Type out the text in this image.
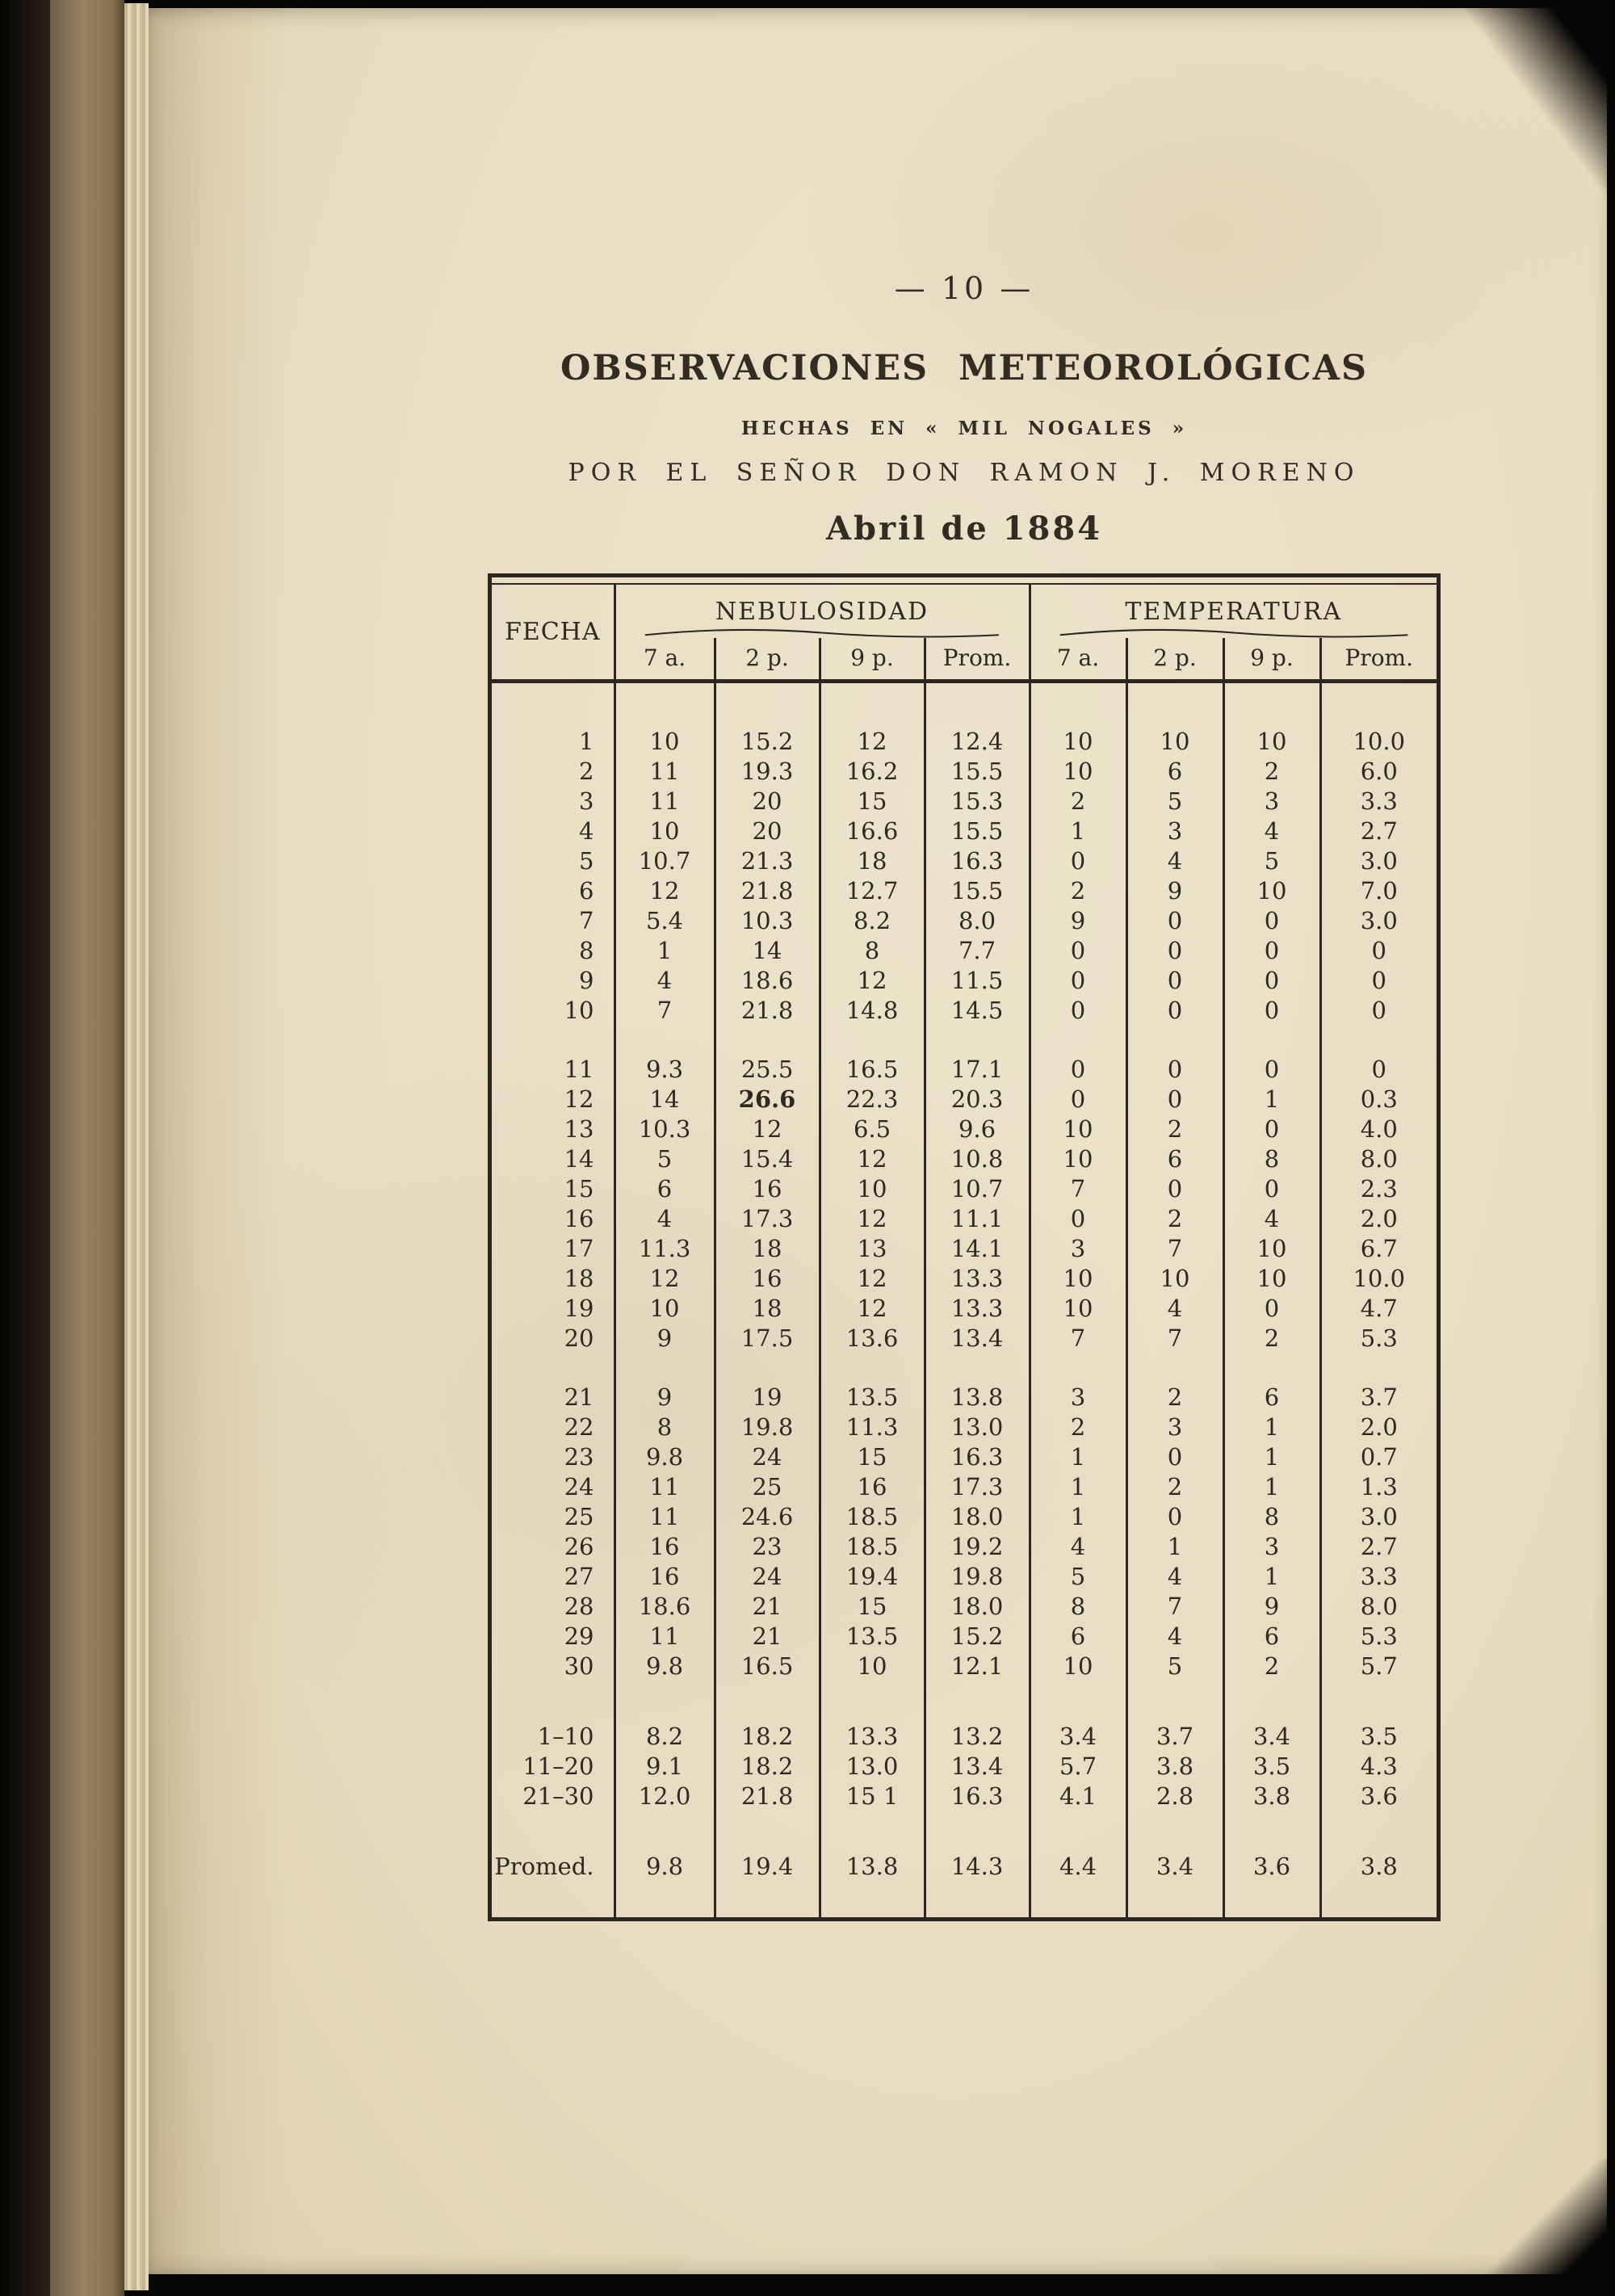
— 10 —
OBSERVACIONES METEOROLÓGICAS
HECHAS EN « MIL NOGALES »
POR EL SEÑOR DON RAMON J. MORENO
Abril de 1884
FECHA	NEBULOSIDAD				TEMPERATURA			

	7 a.	2 p.	9 p.	Prom.	7 a.	2 p.	9 p.	Prom.
1	10	15.2	12	12.4	10	10	10	10.0
2	11	19.3	16.2	15.5	10	6	2	6.0
3	11	20	15	15.3	2	5	3	3.3
4	10	20	16.6	15.5	1	3	4	2.7
5	10.7	21.3	18	16.3	0	4	5	3.0
6	12	21.8	12.7	15.5	2	9	10	7.0
7	5.4	10.3	8.2	8.0	9	0	0	3.0
8	1	14	8	7.7	0	0	0	0
9	4	18.6	12	11.5	0	0	0	0
10	7	21.8	14.8	14.5	0	0	0	0
11	9.3	25.5	16.5	17.1	0	0	0	0
12	14	26.6	22.3	20.3	0	0	1	0.3
13	10.3	12	6.5	9.6	10	2	0	4.0
14	5	15.4	12	10.8	10	6	8	8.0
15	6	16	10	10.7	7	0	0	2.3
16	4	17.3	12	11.1	0	2	4	2.0
17	11.3	18	13	14.1	3	7	10	6.7
18	12	16	12	13.3	10	10	10	10.0
19	10	18	12	13.3	10	4	0	4.7
20	9	17.5	13.6	13.4	7	7	2	5.3
21	9	19	13.5	13.8	3	2	6	3.7
22	8	19.8	11.3	13.0	2	3	1	2.0
23	9.8	24	15	16.3	1	0	1	0.7
24	11	25	16	17.3	1	2	1	1.3
25	11	24.6	18.5	18.0	1	0	8	3.0
26	16	23	18.5	19.2	4	1	3	2.7
27	16	24	19.4	19.8	5	4	1	3.3
28	18.6	21	15	18.0	8	7	9	8.0
29	11	21	13.5	15.2	6	4	6	5.3
30	9.8	16.5	10	12.1	10	5	2	5.7
1–10	8.2	18.2	13.3	13.2	3.4	3.7	3.4	3.5
11–20	9.1	18.2	13.0	13.4	5.7	3.8	3.5	4.3
21–30	12.0	21.8	15 1	16.3	4.1	2.8	3.8	3.6
Promed.	9.8	19.4	13.8	14.3	4.4	3.4	3.6	3.8
